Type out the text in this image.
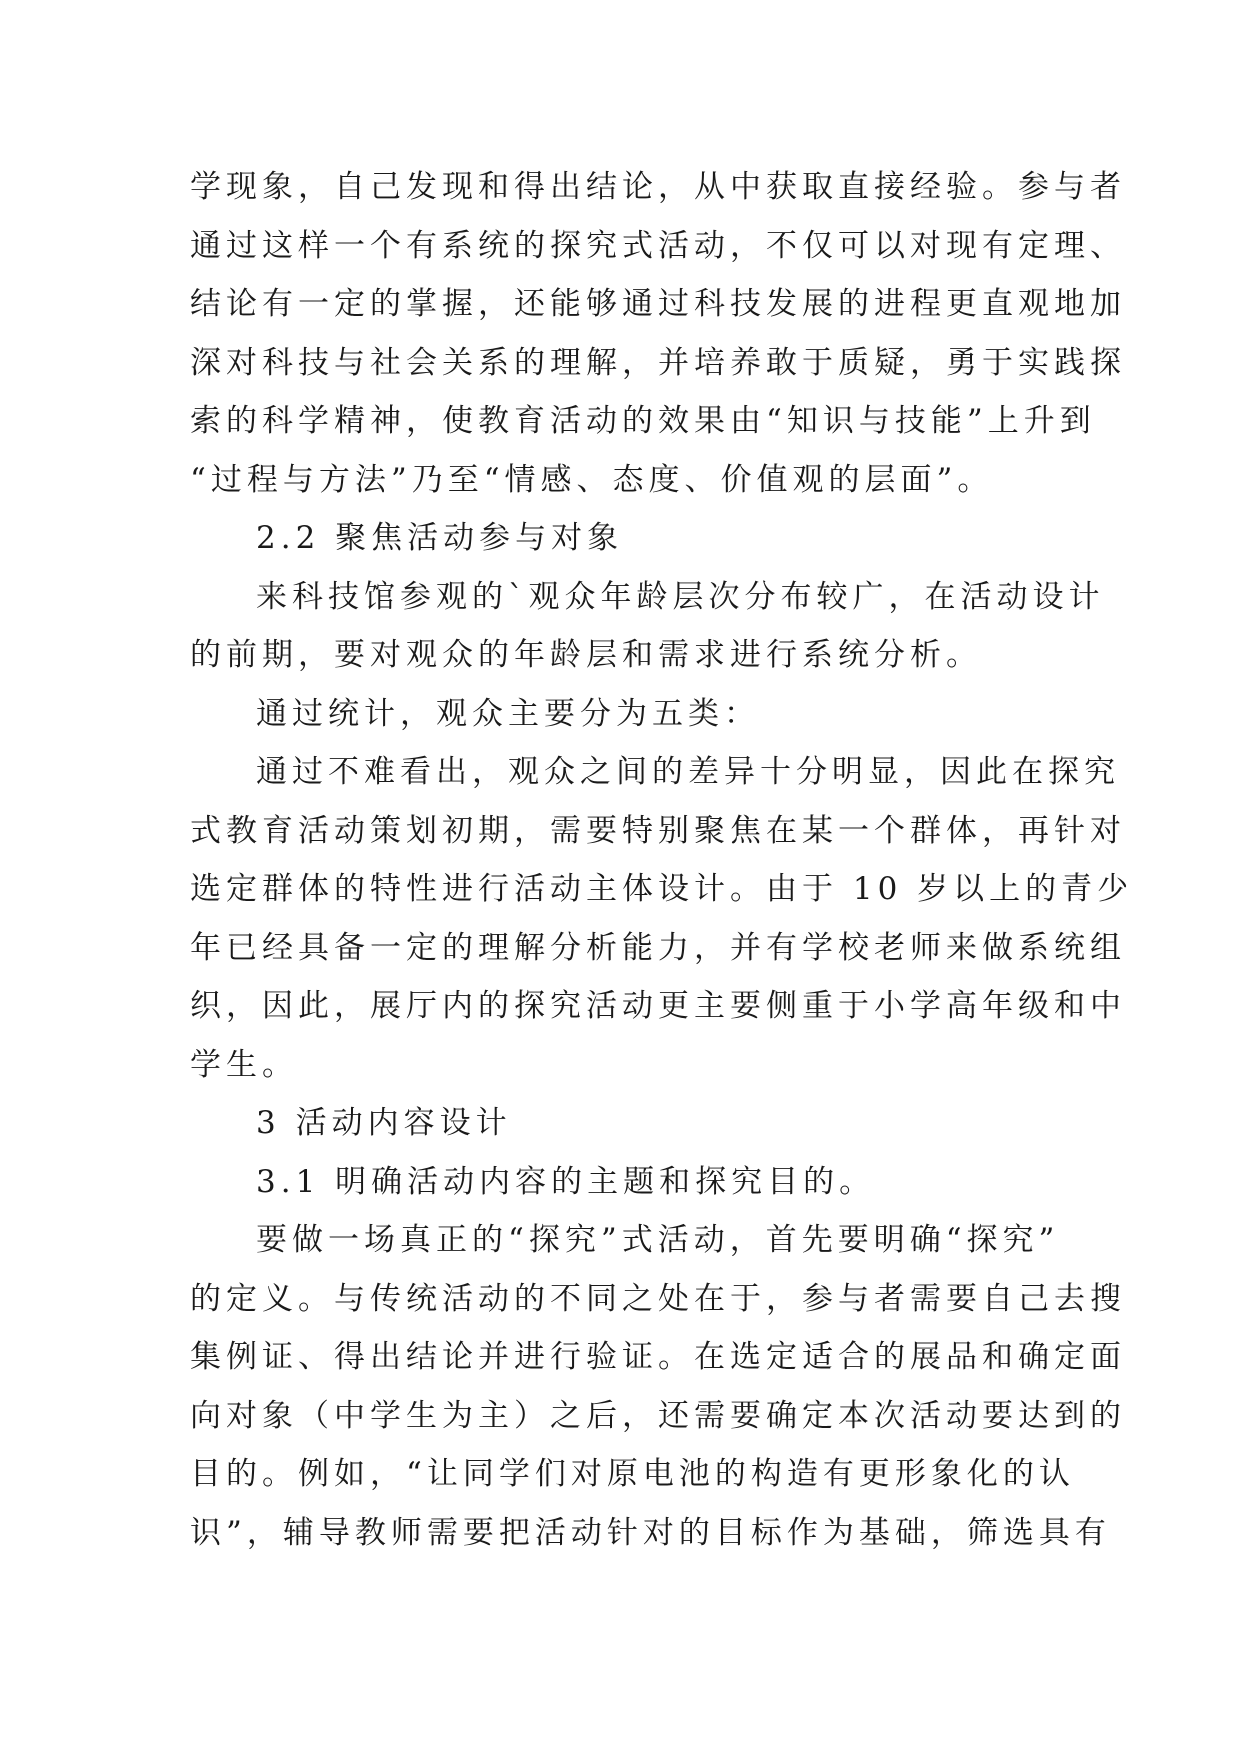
学现象，自己发现和得出结论，从中获取直接经验。参与者
通过这样一个有系统的探究式活动，不仅可以对现有定理、
结论有一定的掌握，还能够通过科技发展的进程更直观地加
深对科技与社会关系的理解，并培养敢于质疑，勇于实践探
索的科学精神，使教育活动的效果由“知识与技能”上升到
“过程与方法”乃至“情感、态度、价值观的层面”。
2.2 聚焦活动参与对象
来科技馆参观的`观众年龄层次分布较广，在活动设计
的前期，要对观众的年龄层和需求进行系统分析。
通过统计，观众主要分为五类：
通过不难看出，观众之间的差异十分明显，因此在探究
式教育活动策划初期，需要特别聚焦在某一个群体，再针对
选定群体的特性进行活动主体设计。由于 10 岁以上的青少
年已经具备一定的理解分析能力，并有学校老师来做系统组
织，因此，展厅内的探究活动更主要侧重于小学高年级和中
学生。
3 活动内容设计
3.1 明确活动内容的主题和探究目的。
要做一场真正的“探究”式活动，首先要明确“探究”
的定义。与传统活动的不同之处在于，参与者需要自己去搜
集例证、得出结论并进行验证。在选定适合的展品和确定面
向对象（中学生为主）之后，还需要确定本次活动要达到的
目的。例如，“让同学们对原电池的构造有更形象化的认
识”，辅导教师需要把活动针对的目标作为基础，筛选具有
